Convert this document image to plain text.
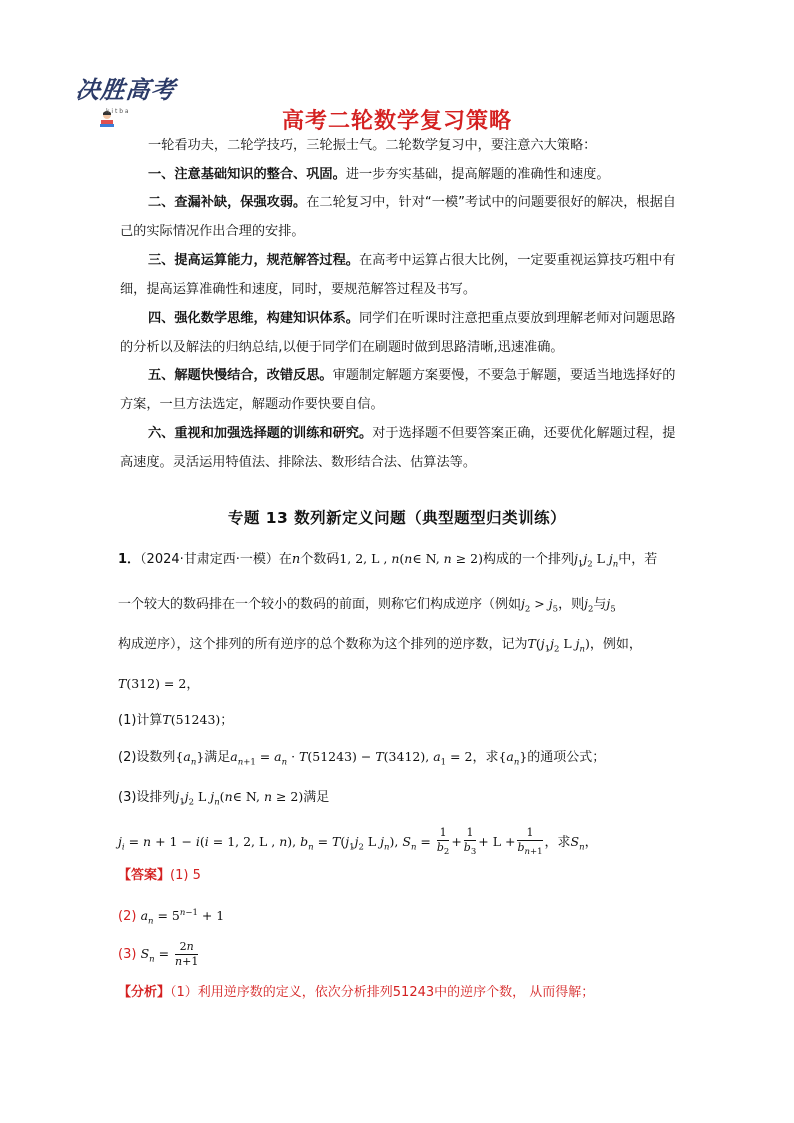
决胜高考
k i t b a	高考二轮数学复习策略
一轮看功夫，二轮学技巧，三轮振士气。二轮数学复习中，要注意六大策略：
一、注意基础知识的整合、巩固。进一步夯实基础，提高解题的准确性和速度。
二、查漏补缺，保强攻弱。在二轮复习中，针对“一模”考试中的问题要很好的解决，根据自己的实际情况作出合理的安排。
三、提高运算能力，规范解答过程。在高考中运算占很大比例，一定要重视运算技巧粗中有细，提高运算准确性和速度，同时，要规范解答过程及书写。
四、强化数学思维，构建知识体系。同学们在听课时注意把重点要放到理解老师对问题思路的分析以及解法的归纳总结,以便于同学们在刷题时做到思路清晰,迅速准确。
五、解题快慢结合，改错反思。审题制定解题方案要慢，不要急于解题，要适当地选择好的方案，一旦方法选定，解题动作要快要自信。
六、重视和加强选择题的训练和研究。对于选择题不但要答案正确，还要优化解题过程，提高速度。灵活运用特值法、排除法、数形结合法、估算法等。
专题 13 数列新定义问题（典型题型归类训练）
1．（2024·甘肃定西·一模）在n个数码1, 2, L , n(n∈ N, n ≥ 2)构成的一个排列$j_1j_2$ L $j_n$中，若
一个较大的数码排在一个较小的数码的前面，则称它们构成逆序（例如$j_2 > j_5$，则$j_2$与$j_5$
构成逆序），这个排列的所有逆序的总个数称为这个排列的逆序数，记为$T(j_1j_2$ L $j_n$)，例如，
T(312) = 2，
(1)计算T(51243)；
(2)设数列$\{a_n\}$满足$a_{n+1} = a_n \cdot T(51243) - T(3412)$, $a_1 = 2$，求$\{a_n\}$的通项公式；
(3)设排列$j_1j_2$ L $j_n(n\in$ N, n ≥ 2)满足
$j_i = n + 1 - i(i = 1$, 2, L , n), $b_n = T(j_1j_2$ L $j_n$), $S_n = \frac{1}{b_2} + \frac{1}{b_3} + L + \frac{1}{b_{n+1}}$ ，求$S_n$，
【答案】(1) 5
(2) $a_n = 5^{n-1} + 1$
(3) $S_n = \frac{2n}{n+1}$
【分析】（1）利用逆序数的定义，依次分析排列51243中的逆序个数， 从而得解；
